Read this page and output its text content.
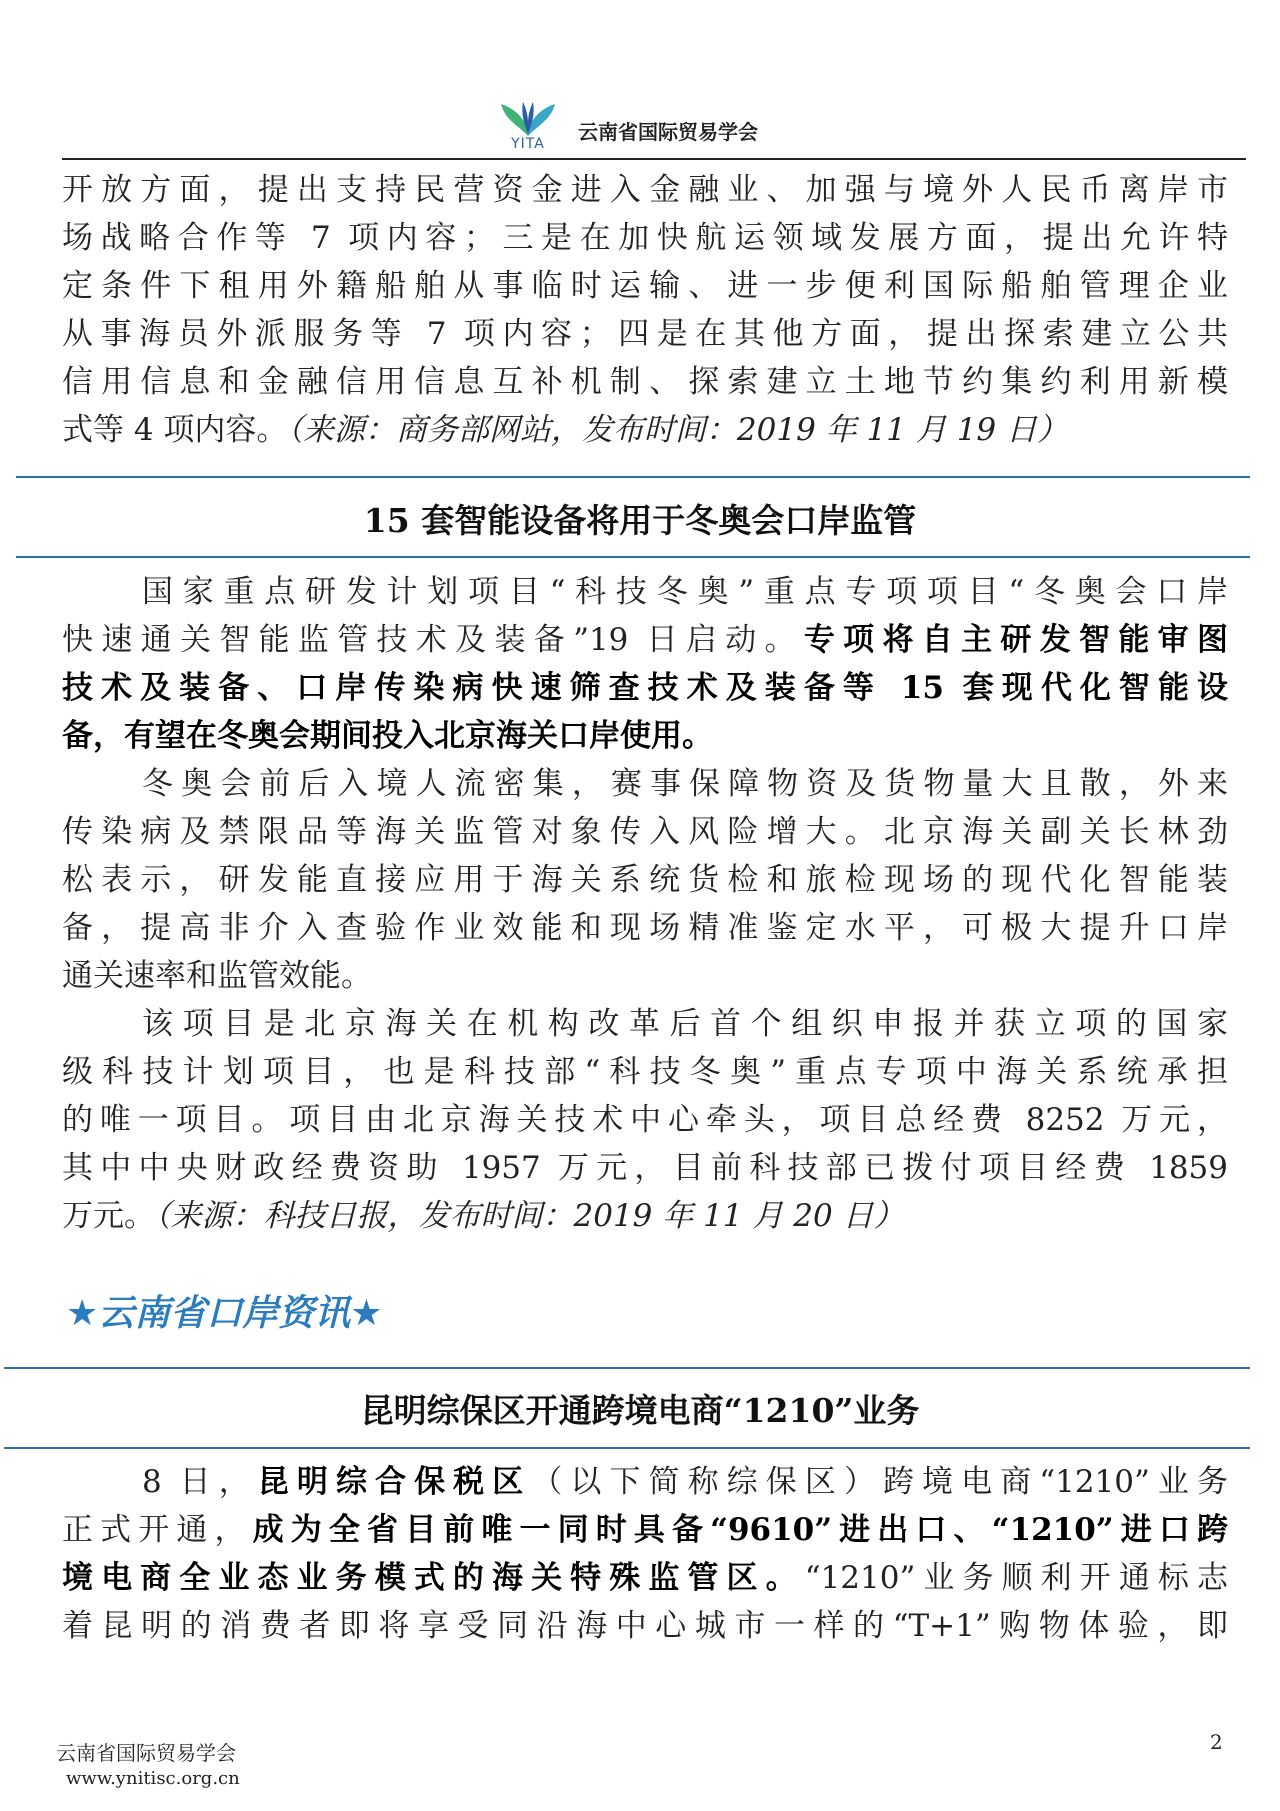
YITA	云南省国际贸易学会
开放方面，提出支持民营资金进入金融业、加强与境外人民币离岸市
场战略合作等 7 项内容；三是在加快航运领域发展方面，提出允许特
定条件下租用外籍船舶从事临时运输、进一步便利国际船舶管理企业
从事海员外派服务等 7 项内容；四是在其他方面，提出探索建立公共
信用信息和金融信用信息互补机制、探索建立土地节约集约利用新模
式等 4 项内容。（来源：商务部网站，发布时间：2019 年 11 月 19 日）
15 套智能设备将用于冬奥会口岸监管
国家重点研发计划项目“科技冬奥”重点专项项目“冬奥会口岸
快速通关智能监管技术及装备”19 日启动。专项将自主研发智能审图
技术及装备、口岸传染病快速筛查技术及装备等 15 套现代化智能设
备，有望在冬奥会期间投入北京海关口岸使用。
冬奥会前后入境人流密集，赛事保障物资及货物量大且散，外来
传染病及禁限品等海关监管对象传入风险增大。北京海关副关长林劲
松表示，研发能直接应用于海关系统货检和旅检现场的现代化智能装
备，提高非介入查验作业效能和现场精准鉴定水平，可极大提升口岸
通关速率和监管效能。
该项目是北京海关在机构改革后首个组织申报并获立项的国家
级科技计划项目，也是科技部“科技冬奥”重点专项中海关系统承担
的唯一项目。项目由北京海关技术中心牵头，项目总经费 8252 万元，
其中中央财政经费资助 1957 万元，目前科技部已拨付项目经费 1859
万元。（来源：科技日报，发布时间：2019 年 11 月 20 日）
★云南省口岸资讯★
昆明综保区开通跨境电商“1210”业务
8 日，昆明综合保税区（以下简称综保区）跨境电商“1210”业务
正式开通，成为全省目前唯一同时具备“9610”进出口、“1210”进口跨
境电商全业态业务模式的海关特殊监管区。“1210”业务顺利开通标志
着昆明的消费者即将享受同沿海中心城市一样的“T+1”购物体验，即
云南省国际贸易学会
www.ynitisc.org.cn
2
